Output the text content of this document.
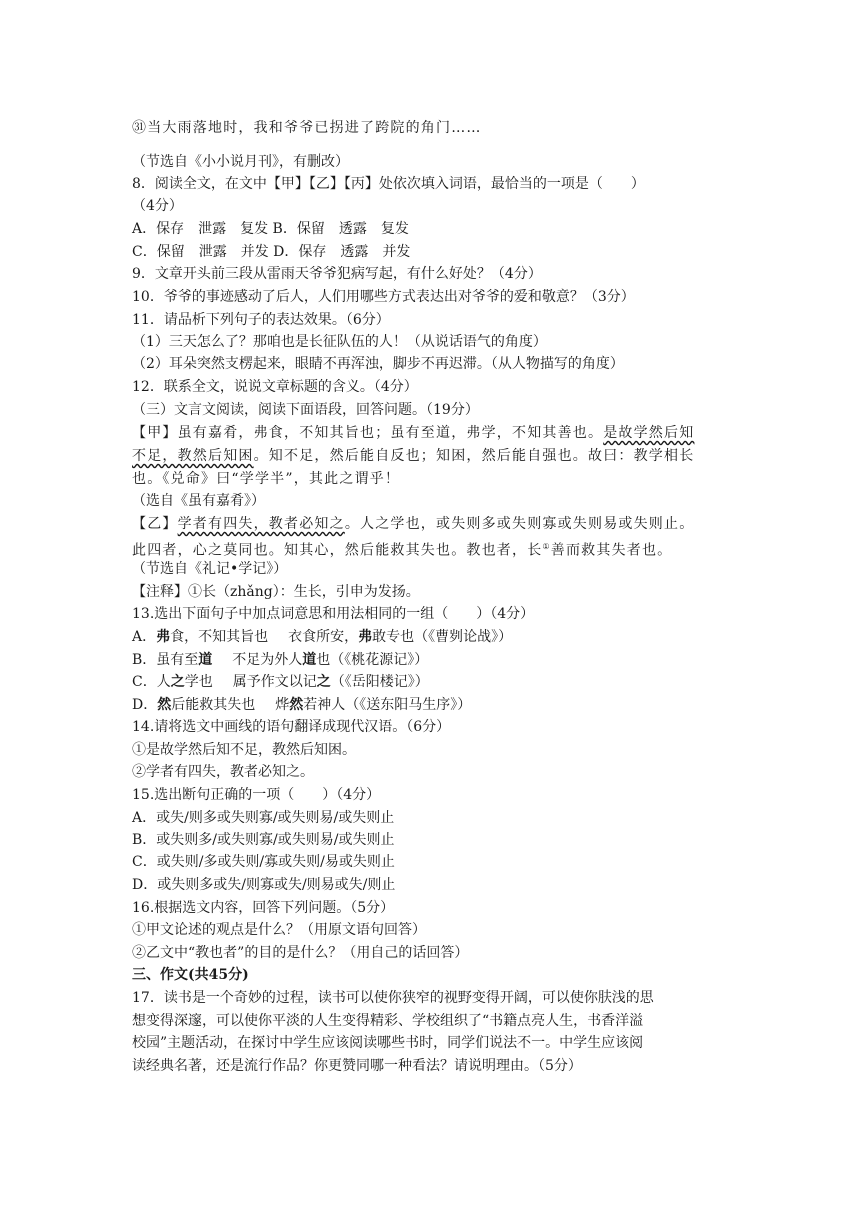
㉛当大雨落地时，我和爷爷已拐进了跨院的角门……
（节选自《小小说月刊》，有删改）
8．阅读全文，在文中【甲】【乙】【丙】处依次填入词语，最恰当的一项是（　　）
（4分）
A．保存　泄露　复发 B．保留　透露　复发
C．保留　泄露　并发 D．保存　透露　并发
9．文章开头前三段从雷雨天爷爷犯病写起，有什么好处？（4分）
10．爷爷的事迹感动了后人，人们用哪些方式表达出对爷爷的爱和敬意？（3分）
11．请品析下列句子的表达效果。（6分）
（1）三天怎么了？那咱也是长征队伍的人！（从说话语气的角度）
（2）耳朵突然支楞起来，眼睛不再浑浊，脚步不再迟滞。（从人物描写的角度）
12．联系全文，说说文章标题的含义。（4分）
（三）文言文阅读，阅读下面语段，回答问题。（19分）
【甲】虽有嘉肴，弗食，不知其旨也；虽有至道，弗学，不知其善也。是故学然后知
不足，教然后知困。知不足，然后能自反也；知困，然后能自强也。故曰：教学相长
也。《兑命》曰“学学半”，其此之谓乎！
（选自《虽有嘉肴》）
【乙】学者有四失，教者必知之。人之学也，或失则多或失则寡或失则易或失则止。
此四者，心之莫同也。知其心，然后能救其失也。教也者，长①善而救其失者也。
（节选自《礼记•学记》）
【注释】①长（zhǎng）：生长，引申为发扬。
13.选出下面句子中加点词意思和用法相同的一组（　　）（4分）
A．弗食，不知其旨也 衣食所安，弗敢专也（《曹刿论战》）
B．虽有至道 不足为外人道也（《桃花源记》）
C．人之学也 属予作文以记之（《岳阳楼记》）
D．然后能救其失也 烨然若神人（《送东阳马生序》）
14.请将选文中画线的语句翻译成现代汉语。（6分）
①是故学然后知不足，教然后知困。
②学者有四失，教者必知之。
15.选出断句正确的一项（　　）（4分）
A．或失/则多或失则寡/或失则易/或失则止
B．或失则多/或失则寡/或失则易/或失则止
C．或失则/多或失则/寡或失则/易或失则止
D．或失则多或失/则寡或失/则易或失/则止
16.根据选文内容，回答下列问题。（5分）
①甲文论述的观点是什么？（用原文语句回答）
②乙文中“教也者”的目的是什么？（用自己的话回答）
三、作文(共45分)
17．读书是一个奇妙的过程，读书可以使你狭窄的视野变得开阔，可以使你肤浅的思
想变得深邃，可以使你平淡的人生变得精彩、学校组织了“书籍点亮人生，书香洋溢
校园”主题活动，在探讨中学生应该阅读哪些书时，同学们说法不一。中学生应该阅
读经典名著，还是流行作品？你更赞同哪一种看法？请说明理由。（5分）
